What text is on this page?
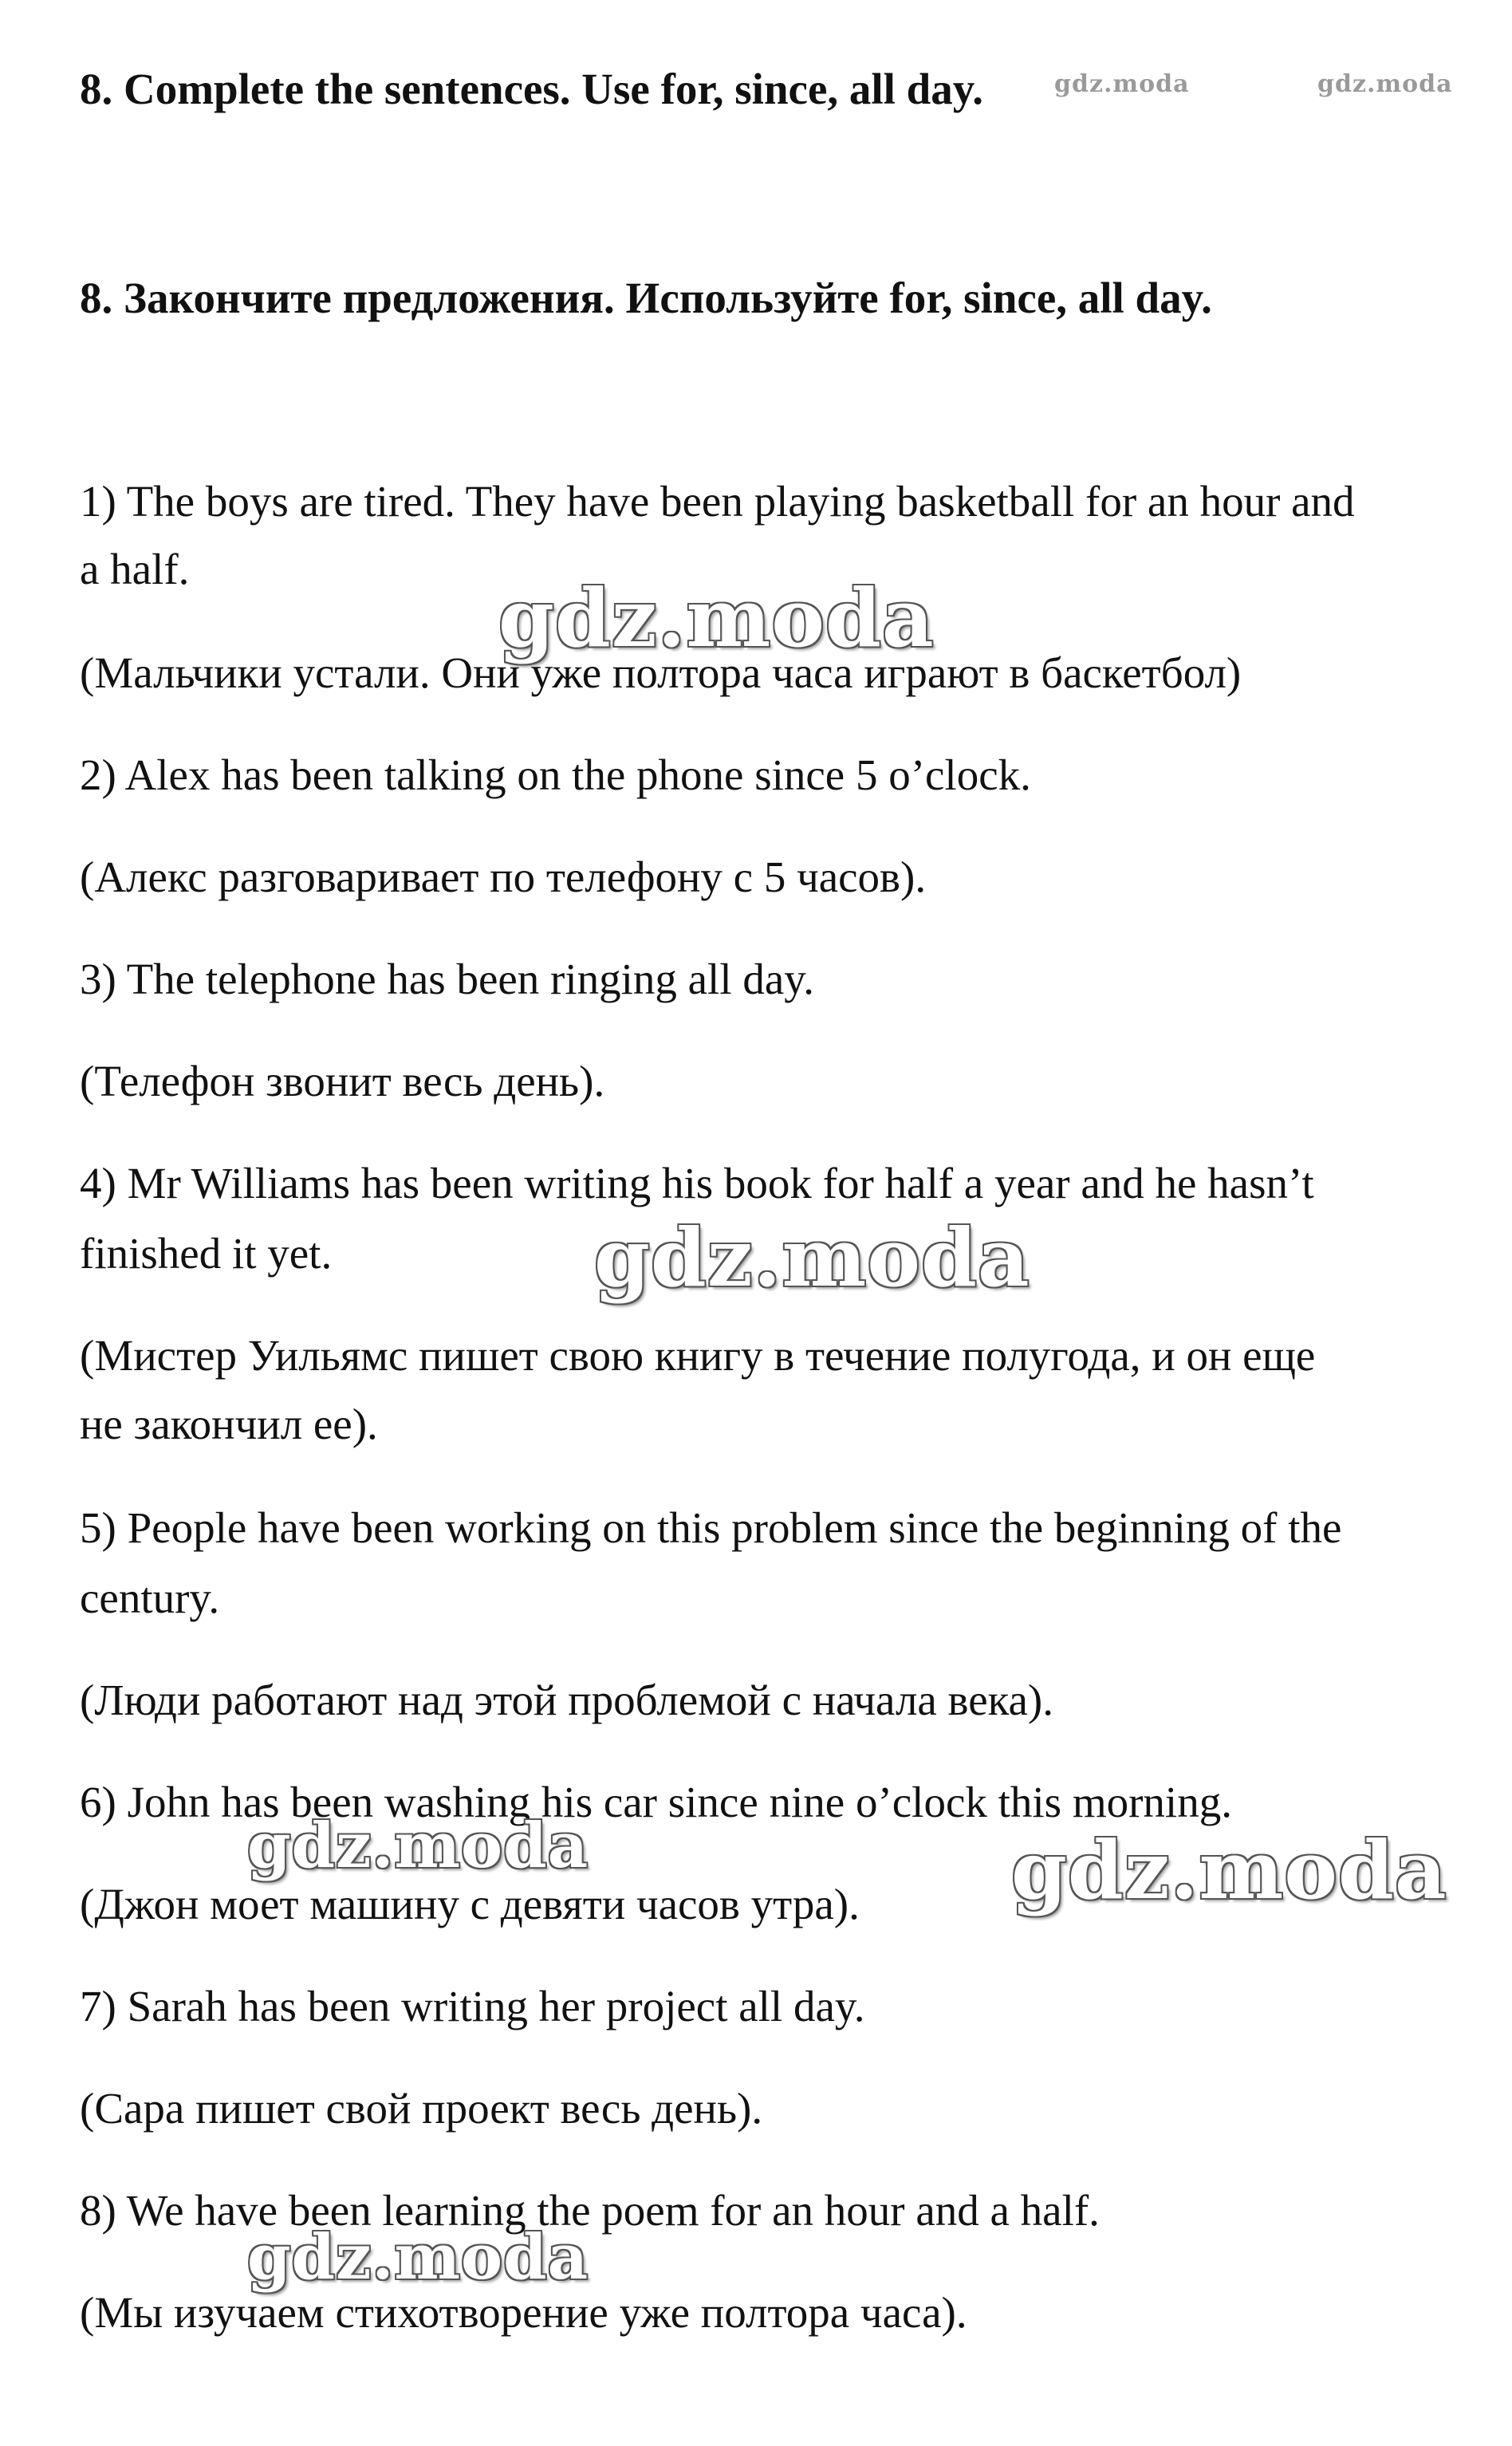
8. Complete the sentences. Use for, since, all day.
8. Закончите предложения. Используйте for, since, all day.
1) The boys are tired. They have been playing basketball for an hour and
a half.
(Мальчики устали. Они уже полтора часа играют в баскетбол)
2) Alex has been talking on the phone since 5 o’clock.
(Алекс разговаривает по телефону с 5 часов).
3) The telephone has been ringing all day.
(Телефон звонит весь день).
4) Mr Williams has been writing his book for half a year and he hasn’t
finished it yet.
(Мистер Уильямс пишет свою книгу в течение полугода, и он еще
не закончил ее).
5) People have been working on this problem since the beginning of the
century.
(Люди работают над этой проблемой с начала века).
6) John has been washing his car since nine o’clock this morning.
(Джон моет машину с девяти часов утра).
7) Sarah has been writing her project all day.
(Сара пишет свой проект весь день).
8) We have been learning the poem for an hour and a half.
(Мы изучаем стихотворение уже полтора часа).
gdz.moda	gdz.moda
gdz.moda
gdz.moda
gdz.moda	gdz.moda
gdz.moda
